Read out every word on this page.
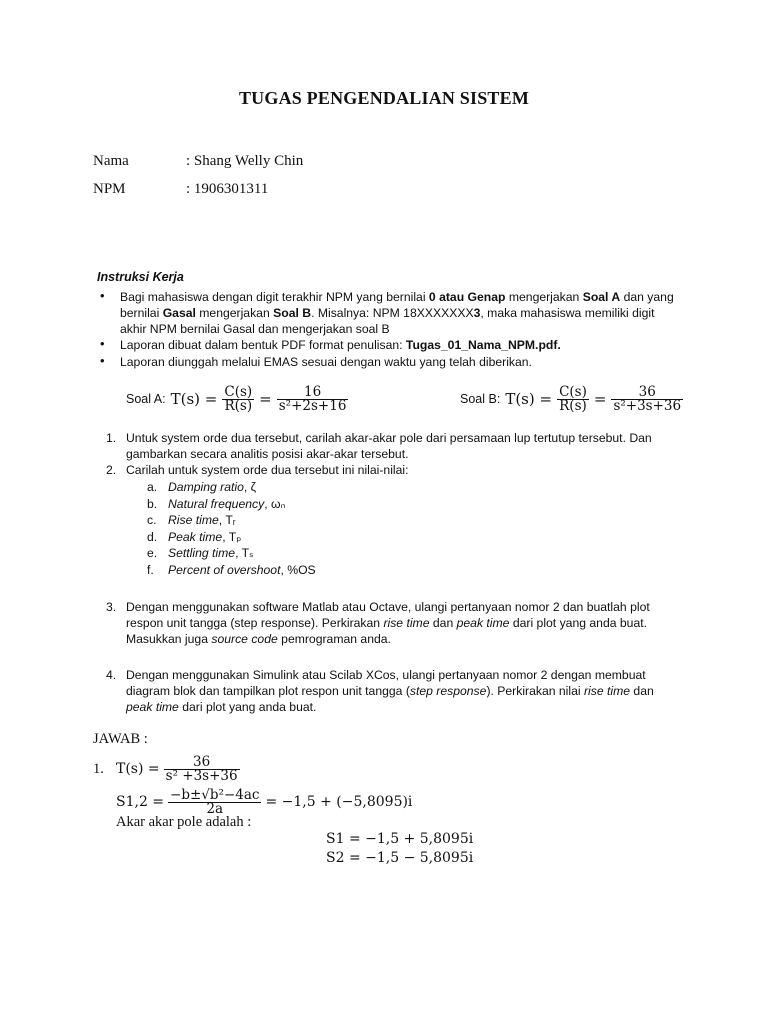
TUGAS PENGENDALIAN SISTEM
Nama	: Shang Welly Chin
NPM	: 1906301311
Instruksi Kerja
• Bagi mahasiswa dengan digit terakhir NPM yang bernilai 0 atau Genap mengerjakan Soal A dan yang
bernilai Gasal mengerjakan Soal B. Misalnya: NPM 18XXXXXXX3, maka mahasiswa memiliki digit
akhir NPM bernilai Gasal dan mengerjakan soal B
• Laporan dibuat dalam bentuk PDF format penulisan: Tugas_01_Nama_NPM.pdf.
• Laporan diunggah melalui EMAS sesuai dengan waktu yang telah diberikan.
Soal A: $T(s) = \frac{C(s)}{R(s)} = \frac{16}{\text{s²+2s+16}}$	Soal B: $T(s) = \frac{C(s)}{R(s)} = \frac{36}{\text{s²+3s+36}}$
1. Untuk system orde dua tersebut, carilah akar-akar pole dari persamaan lup tertutup tersebut. Dan
gambarkan secara analitis posisi akar-akar tersebut.
2. Carilah untuk system orde dua tersebut ini nilai-nilai:
a. Damping ratio, ζ
b. Natural frequency, ωₙ
c. Rise time, Tᵣ
d. Peak time, Tₚ
e. Settling time, Tₛ
f. Percent of overshoot, %OS
3. Dengan menggunakan software Matlab atau Octave, ulangi pertanyaan nomor 2 dan buatlah plot
respon unit tangga (step response). Perkirakan rise time dan peak time dari plot yang anda buat.
Masukkan juga source code pemrograman anda.
4. Dengan menggunakan Simulink atau Scilab XCos, ulangi pertanyaan nomor 2 dengan membuat
diagram blok dan tampilkan plot respon unit tangga (step response). Perkirakan nilai rise time dan
peak time dari plot yang anda buat.
JAWAB :
1. $T(s) = \frac{36}{\text{s² +3s+36}}$
$S1,2 = \frac{\text{−b±√b²−4ac}}{2a} = -1,5 + (-5,8095)i$
Akar akar pole adalah :
S1 = −1,5 + 5,8095i
S2 = −1,5 − 5,8095i
